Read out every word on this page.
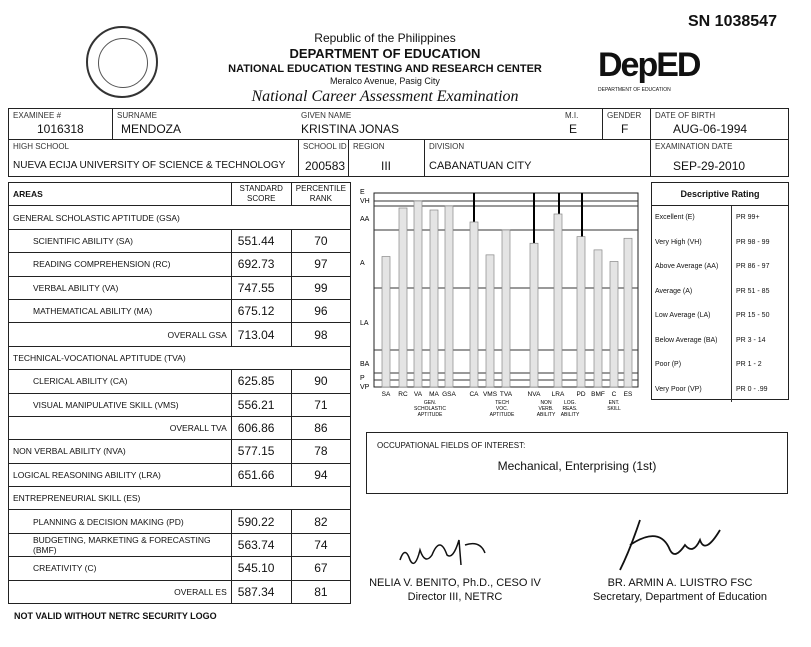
Republic of the Philippines
DEPARTMENT OF EDUCATION
NATIONAL EDUCATION TESTING AND RESEARCH CENTER
Meralco Avenue, Pasig City
National Career Assessment Examination
DepED
DEPARTMENT OF EDUCATION
SN 1038547
EXAMINEE #
1016318
SURNAME
MENDOZA
GIVEN NAME
KRISTINA JONAS
M.I.
E
GENDER
F
DATE OF BIRTH
AUG-06-1994
HIGH SCHOOL
NUEVA ECIJA UNIVERSITY OF SCIENCE & TECHNOLOGY
SCHOOL ID
200583
REGION
III
DIVISION
CABANATUAN CITY
EXAMINATION DATE
SEP-29-2010
AREAS	STANDARD SCORE	PERCENTILE RANK
GENERAL SCHOLASTIC APTITUDE (GSA)		
SCIENTIFIC ABILITY (SA)	551.44	70
READING COMPREHENSION (RC)	692.73	97
VERBAL ABILITY (VA)	747.55	99
MATHEMATICAL ABILITY (MA)	675.12	96
OVERALL GSA	713.04	98
TECHNICAL-VOCATIONAL APTITUDE (TVA)		
CLERICAL ABILITY (CA)	625.85	90
VISUAL MANIPULATIVE SKILL (VMS)	556.21	71
OVERALL TVA	606.86	86
NON VERBAL ABILITY (NVA)	577.15	78
LOGICAL REASONING ABILITY (LRA)	651.66	94
ENTREPRENEURIAL SKILL (ES)		
PLANNING & DECISION MAKING (PD)	590.22	82
BUDGETING, MARKETING & FORECASTING (BMF)	563.74	74
CREATIVITY (C)	545.10	67
OVERALL ES	587.34	81
E
VH
AA
A
LA
BA
P
VP
SA RC VA MA GSA CA VMS TVA NVA LRA PD BMF C ES
GEN. SCHOLASTIC APTITUDE
TECH VOC. APTITUDE
NON VERB. ABILITY
LOG. REAS. ABILITY
ENT. SKILL
Descriptive Rating
Excellent (E)	PR 99+
Very High (VH)	PR 98 - 99
Above Average (AA)	PR 86 - 97
Average (A)	PR 51 - 85
Low Average (LA)	PR 15 - 50
Below Average (BA)	PR 3 - 14
Poor (P)	PR 1 - 2
Very Poor (VP)	PR 0 - .99
OCCUPATIONAL FIELDS OF INTEREST:
Mechanical, Enterprising (1st)
NELIA V. BENITO, Ph.D., CESO IV
Director III, NETRC
BR. ARMIN A. LUISTRO FSC
Secretary, Department of Education
NOT VALID WITHOUT NETRC SECURITY LOGO
